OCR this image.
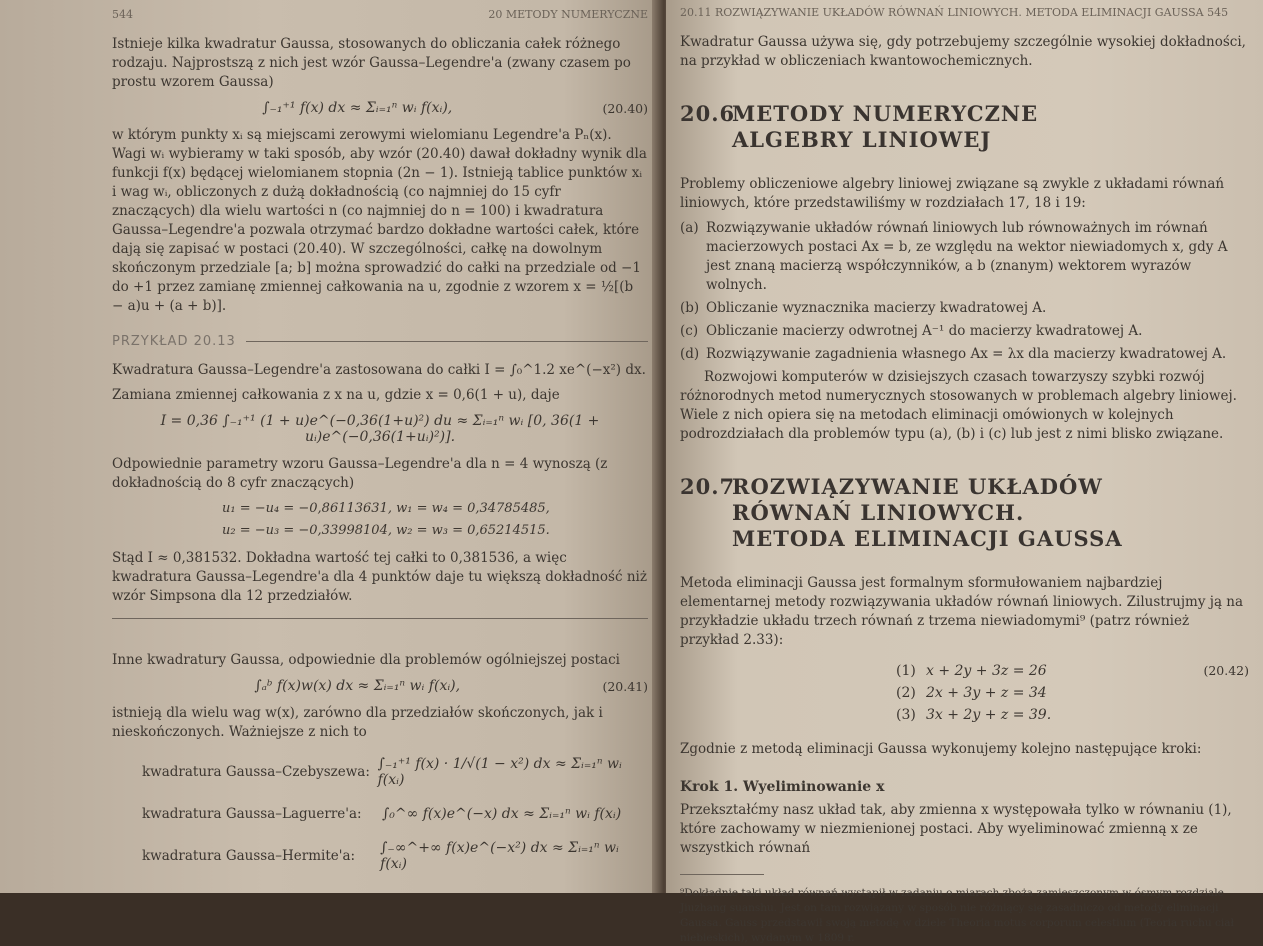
544	20 METODY NUMERYCZNE

Istnieje kilka kwadratur Gaussa, stosowanych do obliczania całek różnego rodzaju. Najprostszą z nich jest wzór Gaussa–Legendre'a (zwany czasem po prostu wzorem Gaussa)

∫₋₁⁺¹ f(x) dx ≈ Σᵢ₌₁ⁿ wᵢ f(xᵢ),	(20.40)

w którym punkty xᵢ są miejscami zerowymi wielomianu Legendre'a Pₙ(x). Wagi wᵢ wybieramy w taki sposób, aby wzór (20.40) dawał dokładny wynik dla funkcji f(x) będącej wielomianem stopnia (2n − 1). Istnieją tablice punktów xᵢ i wag wᵢ, obliczonych z dużą dokładnością (co najmniej do 15 cyfr znaczących) dla wielu wartości n (co najmniej do n = 100) i kwadratura Gaussa–Legendre'a pozwala otrzymać bardzo dokładne wartości całek, które dają się zapisać w postaci (20.40). W szczególności, całkę na dowolnym skończonym przedziale [a; b] można sprowadzić do całki na przedziale od −1 do +1 przez zamianę zmiennej całkowania na u, zgodnie z wzorem x = ½[(b − a)u + (a + b)].

PRZYKŁAD 20.13

Kwadratura Gaussa–Legendre'a zastosowana do całki I = ∫₀^1.2 xe^(−x²) dx.

Zamiana zmiennej całkowania z x na u, gdzie x = 0,6(1 + u), daje

I = 0,36 ∫₋₁⁺¹ (1 + u)e^(−0,36(1+u)²) du ≈ Σᵢ₌₁ⁿ wᵢ [0, 36(1 + uᵢ)e^(−0,36(1+uᵢ)²)].

Odpowiednie parametry wzoru Gaussa–Legendre'a dla n = 4 wynoszą (z dokładnością do 8 cyfr znaczących)

u₁ = −u₄ = −0,86113631, w₁ = w₄ = 0,34785485,
u₂ = −u₃ = −0,33998104, w₂ = w₃ = 0,65214515.

Stąd I ≈ 0,381532. Dokładna wartość tej całki to 0,381536, a więc kwadratura Gaussa–Legendre'a dla 4 punktów daje tu większą dokładność niż wzór Simpsona dla 12 przedziałów.

Inne kwadratury Gaussa, odpowiednie dla problemów ogólniejszej postaci

∫ₐᵇ f(x)w(x) dx ≈ Σᵢ₌₁ⁿ wᵢ f(xᵢ),	(20.41)

istnieją dla wielu wag w(x), zarówno dla przedziałów skończonych, jak i nieskończonych. Ważniejsze z nich to

kwadratura Gaussa–Czebyszewa: ∫₋₁⁺¹ f(x) · 1/√(1 − x²) dx ≈ Σᵢ₌₁ⁿ wᵢ f(xᵢ)
kwadratura Gaussa–Laguerre'a:	∫₀^∞ f(x)e^(−x) dx ≈ Σᵢ₌₁ⁿ wᵢ f(xᵢ)
kwadratura Gaussa–Hermite'a:	∫₋∞^+∞ f(x)e^(−x²) dx ≈ Σᵢ₌₁ⁿ wᵢ f(xᵢ)
20.11 ROZWIĄZYWANIE UKŁADÓW RÓWNAŃ LINIOWYCH. METODA ELIMINACJI GAUSSA 545

Kwadratur Gaussa używa się, gdy potrzebujemy szczególnie wysokiej dokładności, na przykład w obliczeniach kwantowochemicznych.

20.6METODY NUMERYCZNE
ALGEBRY LINIOWEJ

Problemy obliczeniowe algebry liniowej związane są zwykle z układami równań liniowych, które przedstawiliśmy w rozdziałach 17, 18 i 19:

(a) Rozwiązywanie układów równań liniowych lub równoważnych im równań macierzowych postaci Ax = b, ze względu na wektor niewiadomych x, gdy A jest znaną macierzą współczynników, a b (znanym) wektorem wyrazów wolnych.
(b) Obliczanie wyznacznika macierzy kwadratowej A.
(c) Obliczanie macierzy odwrotnej A⁻¹ do macierzy kwadratowej A.
(d) Rozwiązywanie zagadnienia własnego Ax = λx dla macierzy kwadratowej A.

Rozwojowi komputerów w dzisiejszych czasach towarzyszy szybki rozwój różnorodnych metod numerycznych stosowanych w problemach algebry liniowej. Wiele z nich opiera się na metodach eliminacji omówionych w kolejnych podrozdziałach dla problemów typu (a), (b) i (c) lub jest z nimi blisko związane.

20.7ROZWIĄZYWANIE UKŁADÓW
RÓWNAŃ LINIOWYCH.
METODA ELIMINACJI GAUSSA

Metoda eliminacji Gaussa jest formalnym sformułowaniem najbardziej elementarnej metody rozwiązywania układów równań liniowych. Zilustrujmy ją na przykładzie układu trzech równań z trzema niewiadomymi⁹ (patrz również przykład 2.33):

(20.42)
(1) x + 2y + 3z = 26
(2) 2x + 3y + z = 34
(3) 3x + 2y + z = 39.

Zgodnie z metodą eliminacji Gaussa wykonujemy kolejno następujące kroki:

Krok 1. Wyeliminowanie x

Przekształćmy nasz układ tak, aby zmienna x występowała tylko w równaniu (1), które zachowamy w niezmienionej postaci. Aby wyeliminować zmienną x ze wszystkich równań

⁹Dokładnie taki układ równań wystąpił w zadaniu o miarach zboża zamieszczonym w ósmym rozdziale Jiuzhang suanshu. Jest on tam rozwiązany w sposób nie różniący się zasadniczo od metody eliminacji Gaussa. Gauss przedstawił swoją metodę w dziele Theoria motus corporum celestium (Teoria ruchu ciał niebieskich), wydanym w 1809 r.
